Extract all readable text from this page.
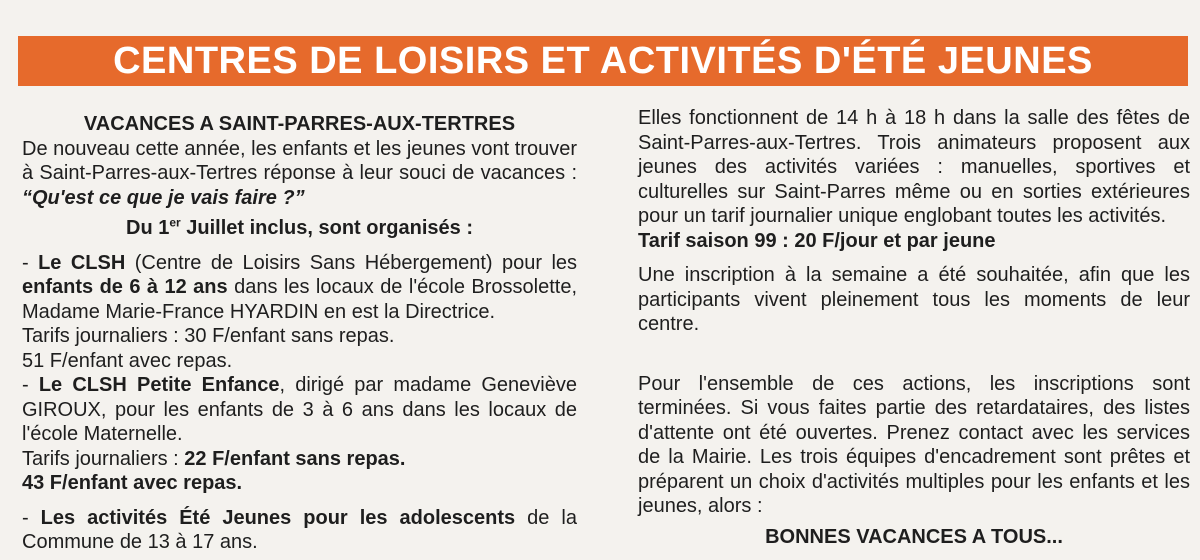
CENTRES DE LOISIRS ET ACTIVITÉS D'ÉTÉ JEUNES

VACANCES A SAINT-PARRES-AUX-TERTRES

De nouveau cette année, les enfants et les jeunes vont trouver à Saint-Parres-aux-Tertres réponse à leur souci de vacances : “Qu'est ce que je vais faire ?”

Du 1er Juillet inclus, sont organisés :

- Le CLSH (Centre de Loisirs Sans Hébergement) pour les enfants de 6 à 12 ans dans les locaux de l'école Brossolette, Madame Marie-France HYARDIN en est la Directrice.

Tarifs journaliers : 30 F/enfant sans repas.

51 F/enfant avec repas.

- Le CLSH Petite Enfance, dirigé par madame Geneviève GIROUX, pour les enfants de 3 à 6 ans dans les locaux de l'école Maternelle.

Tarifs journaliers : 22 F/enfant sans repas.

43 F/enfant avec repas.

- Les activités Été Jeunes pour les adolescents de la Commune de 13 à 17 ans.

Elles fonctionnent de 14 h à 18 h dans la salle des fêtes de Saint-Parres-aux-Tertres. Trois animateurs proposent aux jeunes des activités variées : manuelles, sportives et culturelles sur Saint-Parres même ou en sorties extérieures pour un tarif journalier unique englobant toutes les activités.

Tarif saison 99 : 20 F/jour et par jeune

Une inscription à la semaine a été souhaitée, afin que les participants vivent pleinement tous les moments de leur centre.

Pour l'ensemble de ces actions, les inscriptions sont terminées. Si vous faites partie des retardataires, des listes d'attente ont été ouvertes. Prenez contact avec les services de la Mairie. Les trois équipes d'encadrement sont prêtes et préparent un choix d'activités multiples pour les enfants et les jeunes, alors :

BONNES VACANCES A TOUS...
